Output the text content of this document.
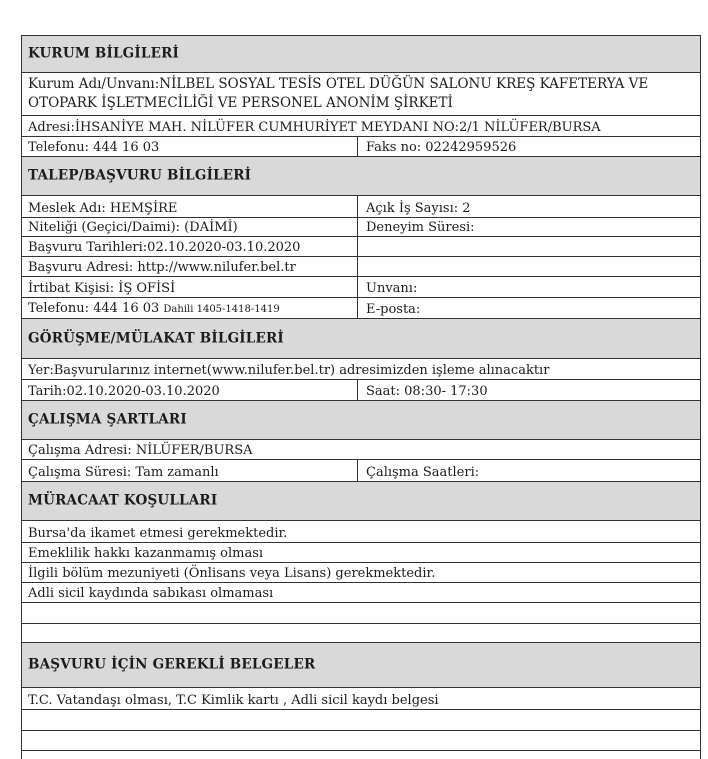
KURUM BİLGİLERİ
Kurum Adı/Unvanı:NİLBEL SOSYAL TESİS OTEL DÜĞÜN SALONU KREŞ KAFETERYA VE OTOPARK İŞLETMECİLİĞİ VE PERSONEL ANONİM ŞİRKETİ
Adresi:İHSANİYE MAH. NİLÜFER CUMHURİYET MEYDANI NO:2/1 NİLÜFER/BURSA
Telefonu: 444 16 03	Faks no: 02242959526
TALEP/BAŞVURU BİLGİLERİ
Meslek Adı: HEMŞİRE	Açık İş Sayısı: 2
Niteliği (Geçici/Daimi): (DAİMİ)	Deneyim Süresi:
Başvuru Tarihleri:02.10.2020-03.10.2020
Başvuru Adresi: http://www.nilufer.bel.tr
İrtibat Kişisi: İŞ OFİSİ	Unvanı:
Telefonu: 444 16 03 Dahili 1405-1418-1419	E-posta:
GÖRÜŞME/MÜLAKAT BİLGİLERİ
Yer:Başvurularınız internet(www.nilufer.bel.tr) adresimizden işleme alınacaktır
Tarih:02.10.2020-03.10.2020	Saat: 08:30- 17:30
ÇALIŞMA ŞARTLARI
Çalışma Adresi: NİLÜFER/BURSA
Çalışma Süresi: Tam zamanlı	Çalışma Saatleri:
MÜRACAAT KOŞULLARI
Bursa'da ikamet etmesi gerekmektedir.
Emeklilik hakkı kazanmamış olması
İlgili bölüm mezuniyeti (Önlisans veya Lisans) gerekmektedir.
Adli sicil kaydında sabıkası olmaması
BAŞVURU İÇİN GEREKLİ BELGELER
T.C. Vatandaşı olması, T.C Kimlik kartı , Adli sicil kaydı belgesi
